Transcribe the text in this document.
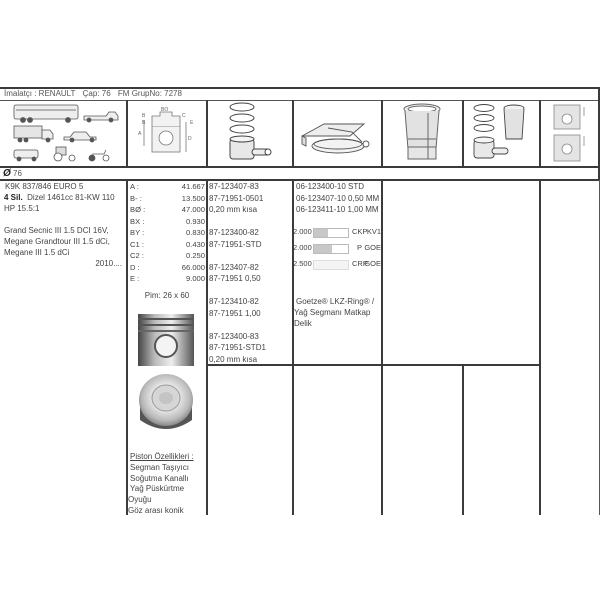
İmalatçı : RENAULT Çap: 76 FM GrupNo: 7278
A
B
B
BO
C
E
D
Ø 76
K9K 837/846 EURO 5
4 Sil. Dizel 1461cc 81-KW 110
HP 15.5:1
Grand Secnic III 1.5 DCI 16V,
Megane Grandtour III 1.5 dCi,
Megane III 1.5 dCi
2010....
A :	41.667
B- :	13.500
BØ :	47.000
BX :	0.930
BY :	0.830
C1 :	0.430
C2 :	0.250
D :	66.000
E :	9.000
Pim: 26 x 60
Piston Özellikleri :
Segman Taşıyıcı
Soğutma Kanallı
Yağ Püskürtme
Oyuğu
Göz arası konik
87-123407-83
87-71951-0501
0,20 mm kısa
87-123400-82
87-71951-STD
87-123407-82
87-71951 0,50
87-123410-82
87-71951 1,00
87-123400-83
87-71951-STD1
0,20 mm kısa
06-123400-10 STD
06-123407-10 0,50 MM
06-123411-10 1,00 MM
2.000	CKP KV1
2.000	P GOE
2.500	CRP
GOE
Goetze® LKZ-Ring® /
Yağ Segmanı Matkap
Delik
